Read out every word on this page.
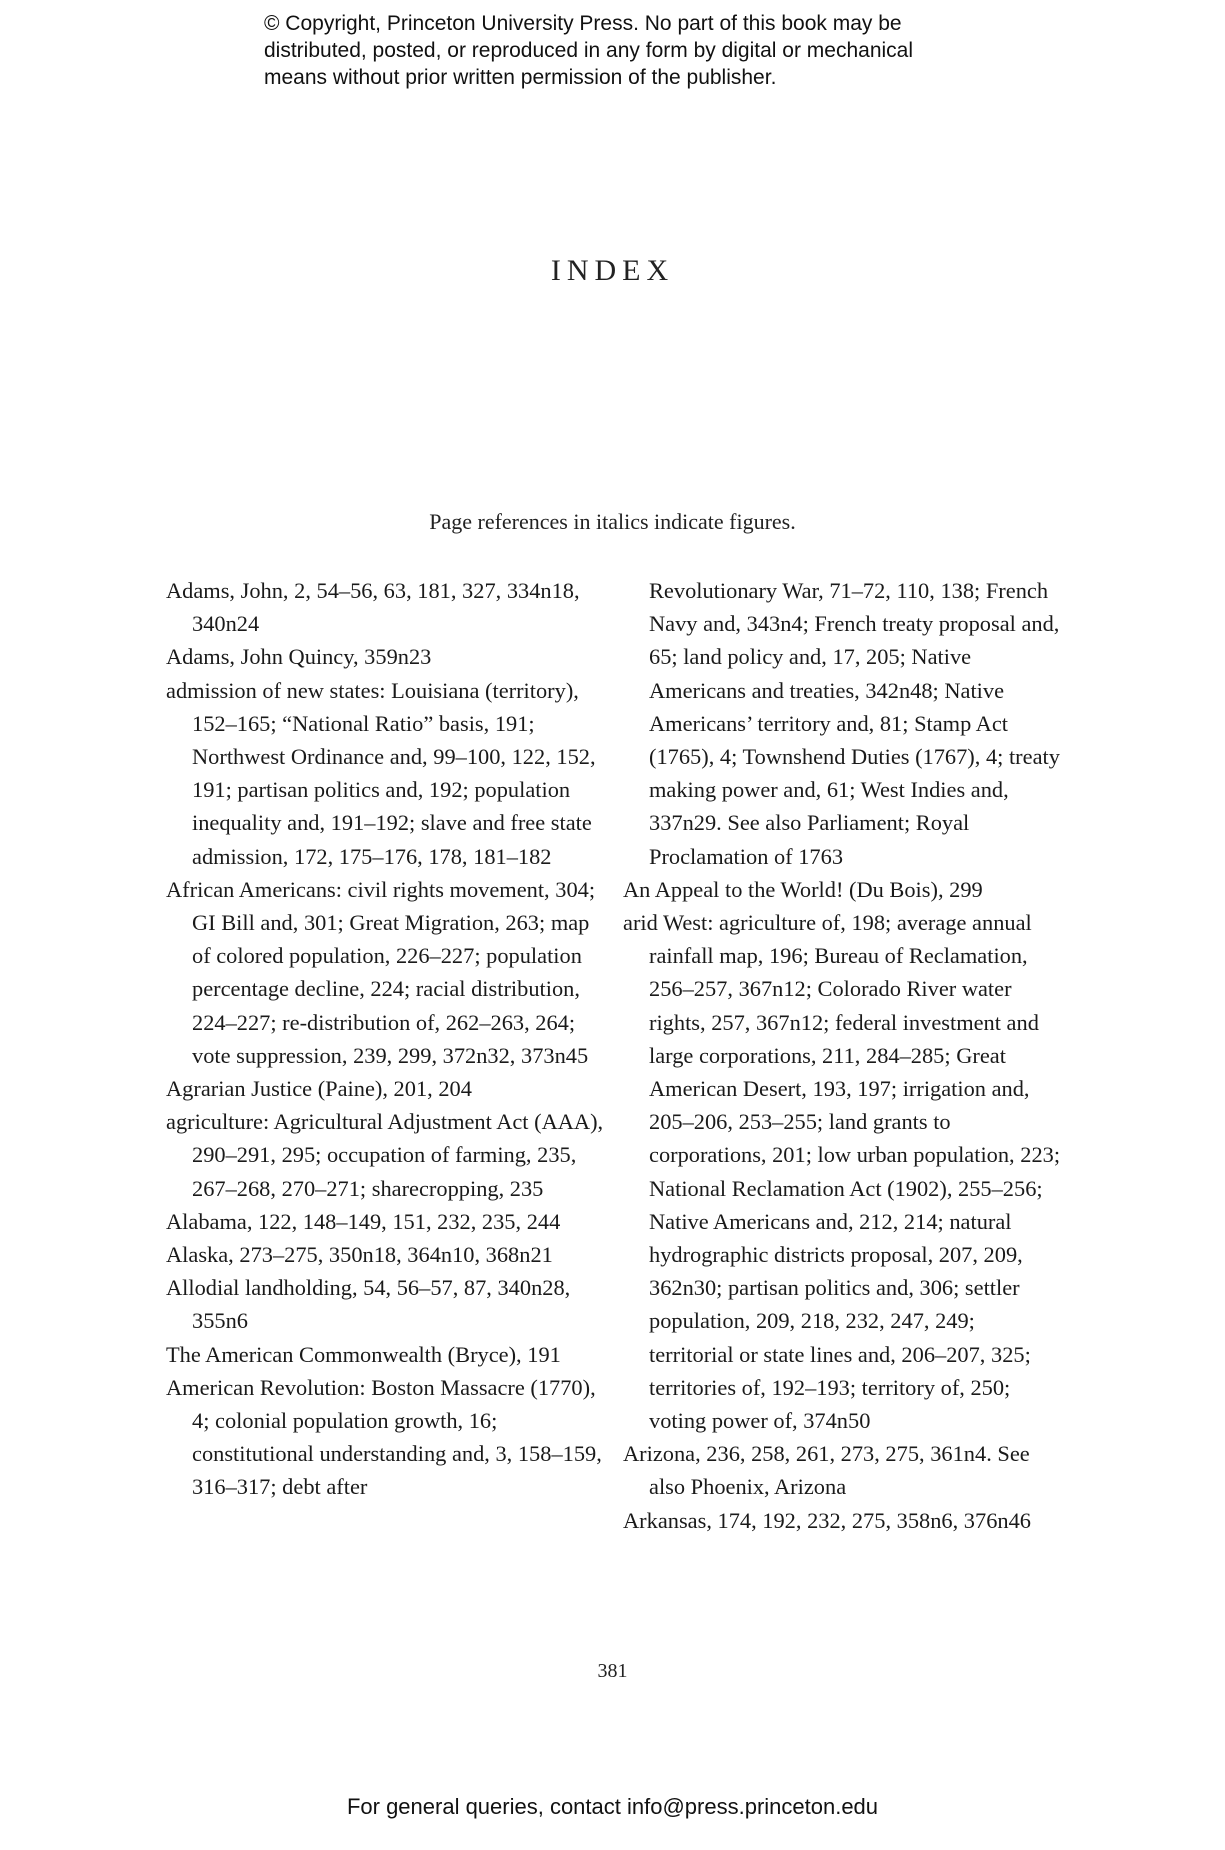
© Copyright, Princeton University Press. No part of this book may be
distributed, posted, or reproduced in any form by digital or mechanical
means without prior written permission of the publisher.
INDEX
Page references in italics indicate figures.
Adams, John, 2, 54–56, 63, 181, 327, 334n18, 340n24
Adams, John Quincy, 359n23
admission of new states: Louisiana (territory), 152–165; “National Ratio” basis, 191; Northwest Ordinance and, 99–100, 122, 152, 191; partisan politics and, 192; population inequality and, 191–192; slave and free state admission, 172, 175–176, 178, 181–182
African Americans: civil rights movement, 304; GI Bill and, 301; Great Migration, 263; map of colored population, 226–227; population percentage decline, 224; racial distribution, 224–227; re-distribution of, 262–263, 264; vote suppression, 239, 299, 372n32, 373n45
Agrarian Justice (Paine), 201, 204
agriculture: Agricultural Adjustment Act (AAA), 290–291, 295; occupation of farming, 235, 267–268, 270–271; sharecropping, 235
Alabama, 122, 148–149, 151, 232, 235, 244
Alaska, 273–275, 350n18, 364n10, 368n21
Allodial landholding, 54, 56–57, 87, 340n28, 355n6
The American Commonwealth (Bryce), 191
American Revolution: Boston Massacre (1770), 4; colonial population growth, 16; constitutional understanding and, 3, 158–159, 316–317; debt after
Revolutionary War, 71–72, 110, 138; French Navy and, 343n4; French treaty proposal and, 65; land policy and, 17, 205; Native Americans and treaties, 342n48; Native Americans’ territory and, 81; Stamp Act (1765), 4; Townshend Duties (1767), 4; treaty making power and, 61; West Indies and, 337n29. See also Parliament; Royal Proclamation of 1763
An Appeal to the World! (Du Bois), 299
arid West: agriculture of, 198; average annual rainfall map, 196; Bureau of Reclamation, 256–257, 367n12; Colorado River water rights, 257, 367n12; federal investment and large corporations, 211, 284–285; Great American Desert, 193, 197; irrigation and, 205–206, 253–255; land grants to corporations, 201; low urban population, 223; National Reclamation Act (1902), 255–256; Native Americans and, 212, 214; natural hydrographic districts proposal, 207, 209, 362n30; partisan politics and, 306; settler population, 209, 218, 232, 247, 249; territorial or state lines and, 206–207, 325; territories of, 192–193; territory of, 250; voting power of, 374n50
Arizona, 236, 258, 261, 273, 275, 361n4. See also Phoenix, Arizona
Arkansas, 174, 192, 232, 275, 358n6, 376n46
381
For general queries, contact info@press.princeton.edu
